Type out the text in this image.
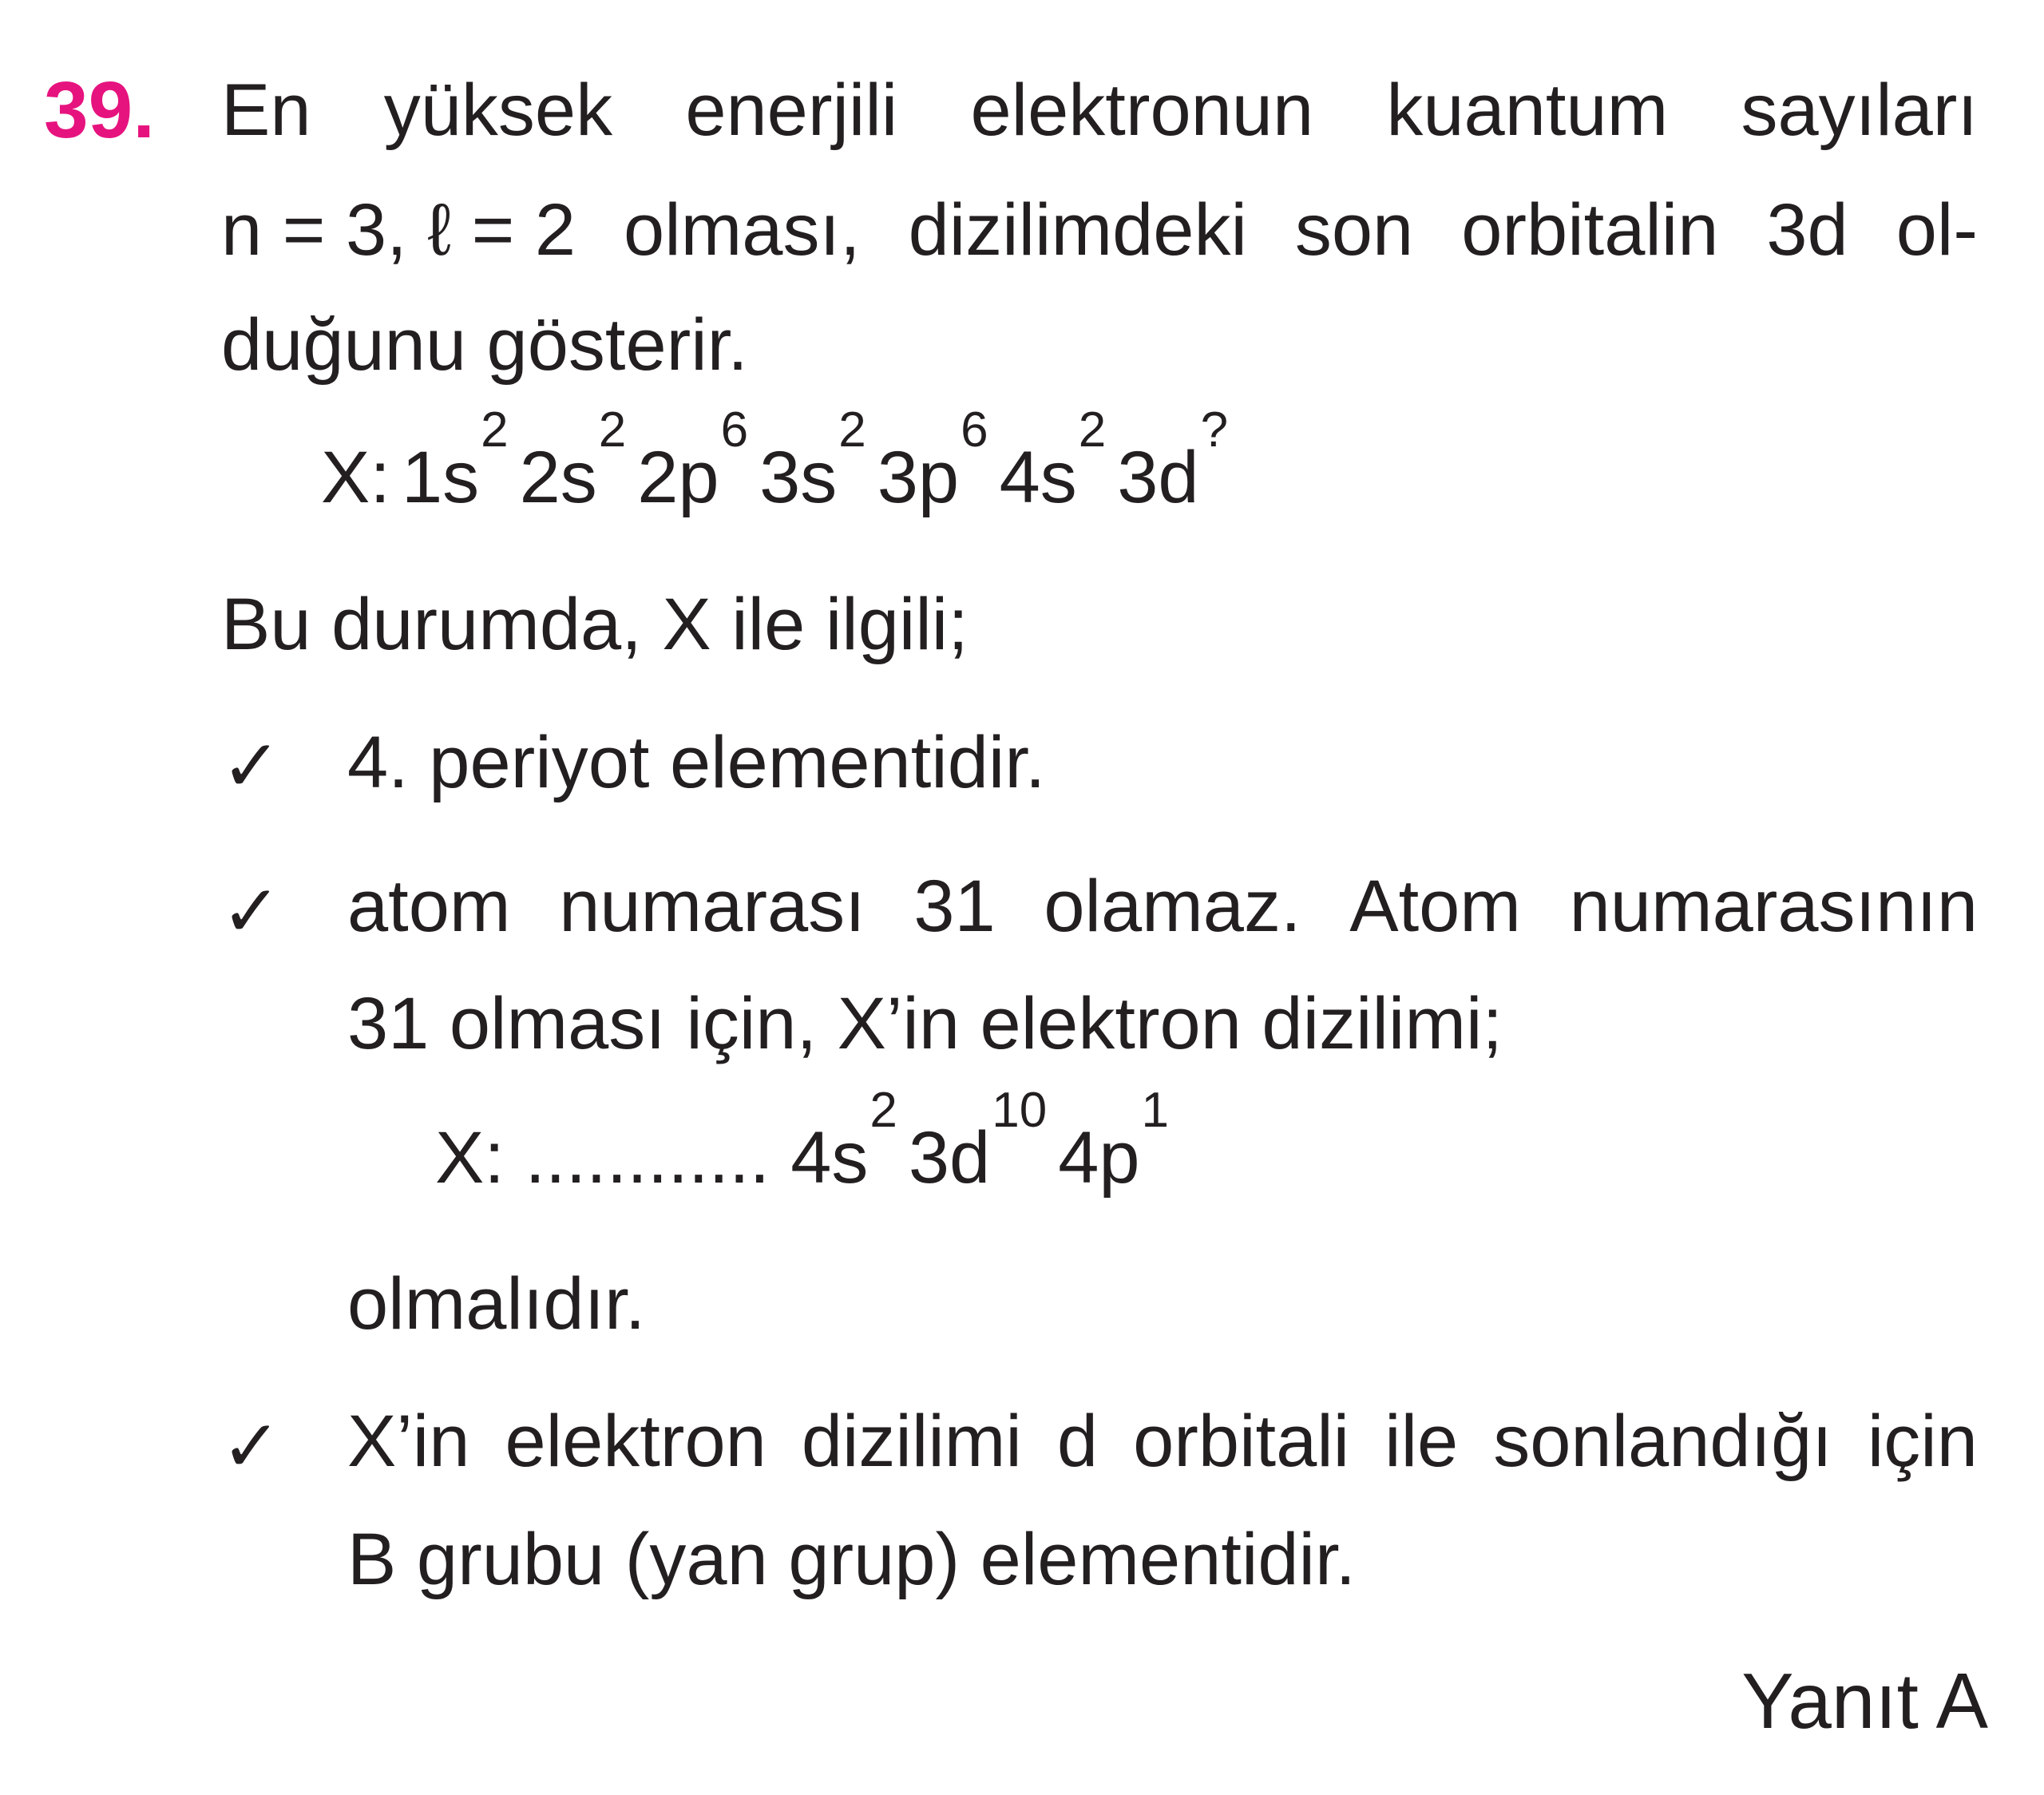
39. En yüksek enerjili elektronun kuantum sayıları
n = 3, ℓ = 2 olması, dizilimdeki son orbitalin 3d ol-
duğunu gösterir.
X: 1s
$^2$
2s
$^2$
2p
$^6$
3s
$^2$
3p
$^6$
4s
$^2$
3d
?
Bu durumda, X ile ilgili;
✓ 4. periyot elementidir.
✓ atom numarası 31 olamaz. Atom numarasının
31 olması için, X’in elektron dizilimi;
X: ............ 4s
$^2$
3d
$^{10}$
4p
$^1$
olmalıdır.
✓ X’in elektron dizilimi d orbitali ile sonlandığı için
B grubu (yan grup) elementidir.
Yanıt A
